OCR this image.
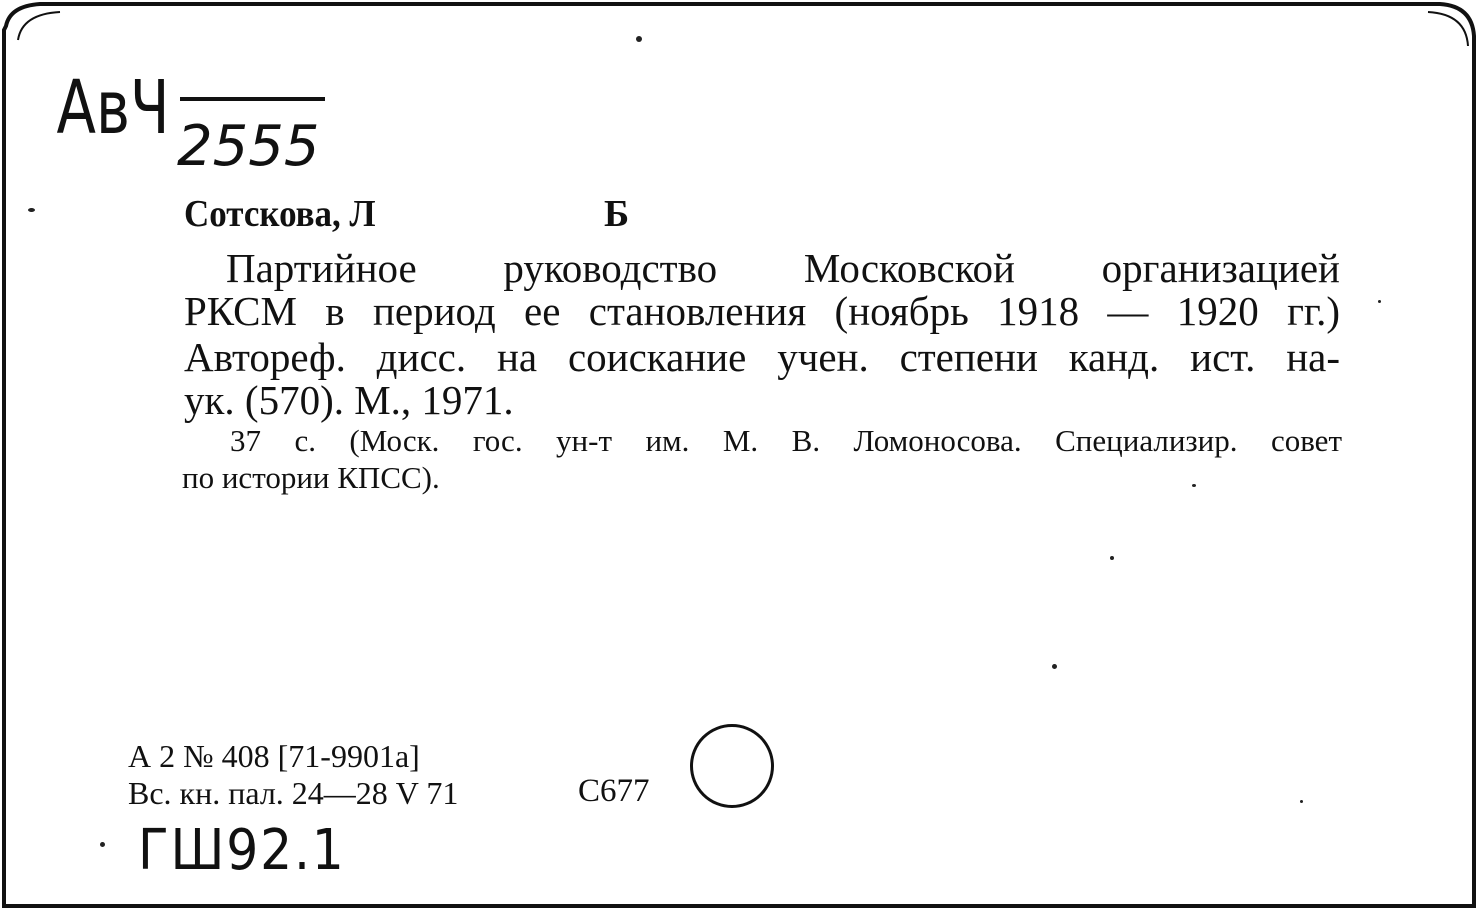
АвЧ 2555

Сотскова, Л	Б

Партийное руководство Московской организацией

РКСМ в период ее становления (ноябрь 1918 — 1920 гг.)

Автореф. дисс. на соискание учен. степени канд. ист. на-

ук. (570). М., 1971.

37 с. (Моск. гос. ун-т им. М. В. Ломоносова. Специализир. совет

по истории КПСС).

А 2 № 408 [71-9901а]

Вс. кн. пал. 24—28 V 71	С677

ГШ92.1
